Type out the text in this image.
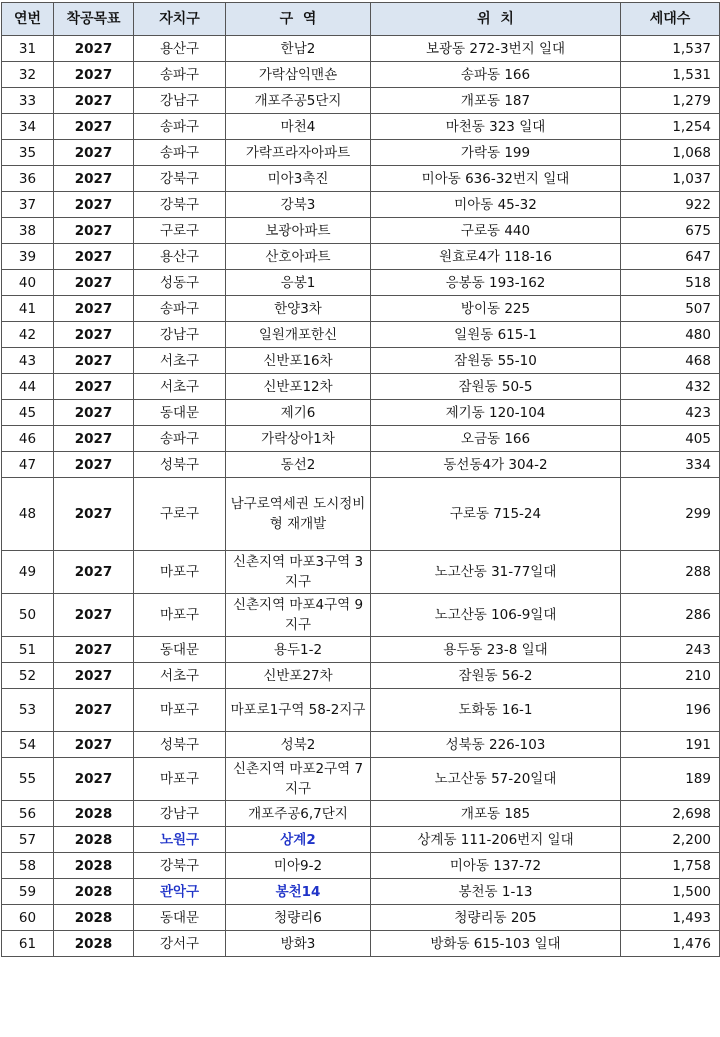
연번	착공목표	자치구	구  역	위  치	세대수
31	2027	용산구	한남2	보광동 272-3번지 일대	1,537
32	2027	송파구	가락삼익맨숀	송파동 166	1,531
33	2027	강남구	개포주공5단지	개포동 187	1,279
34	2027	송파구	마천4	마천동 323 일대	1,254
35	2027	송파구	가락프라자아파트	가락동 199	1,068
36	2027	강북구	미아3촉진	미아동 636-32번지 일대	1,037
37	2027	강북구	강북3	미아동 45-32	922
38	2027	구로구	보광아파트	구로동 440	675
39	2027	용산구	산호아파트	원효로4가 118-16	647
40	2027	성동구	응봉1	응봉동 193-162	518
41	2027	송파구	한양3차	방이동 225	507
42	2027	강남구	일원개포한신	일원동 615-1	480
43	2027	서초구	신반포16차	잠원동 55-10	468
44	2027	서초구	신반포12차	잠원동 50-5	432
45	2027	동대문	제기6	제기동 120-104	423
46	2027	송파구	가락상아1차	오금동 166	405
47	2027	성북구	동선2	동선동4가 304-2	334
48	2027	구로구	남구로역세권 도시정비형 재개발	구로동 715-24	299
49	2027	마포구	신촌지역 마포3구역 3지구	노고산동 31-77일대	288
50	2027	마포구	신촌지역 마포4구역 9지구	노고산동 106-9일대	286
51	2027	동대문	용두1-2	용두동 23-8 일대	243
52	2027	서초구	신반포27차	잠원동 56-2	210
53	2027	마포구	마포로1구역 58-2지구	도화동 16-1	196
54	2027	성북구	성북2	성북동 226-103	191
55	2027	마포구	신촌지역 마포2구역 7지구	노고산동 57-20일대	189
56	2028	강남구	개포주공6,7단지	개포동 185	2,698
57	2028	노원구	상계2	상계동 111-206번지 일대	2,200
58	2028	강북구	미아9-2	미아동 137-72	1,758
59	2028	관악구	봉천14	봉천동 1-13	1,500
60	2028	동대문	청량리6	청량리동 205	1,493
61	2028	강서구	방화3	방화동 615-103 일대	1,476
